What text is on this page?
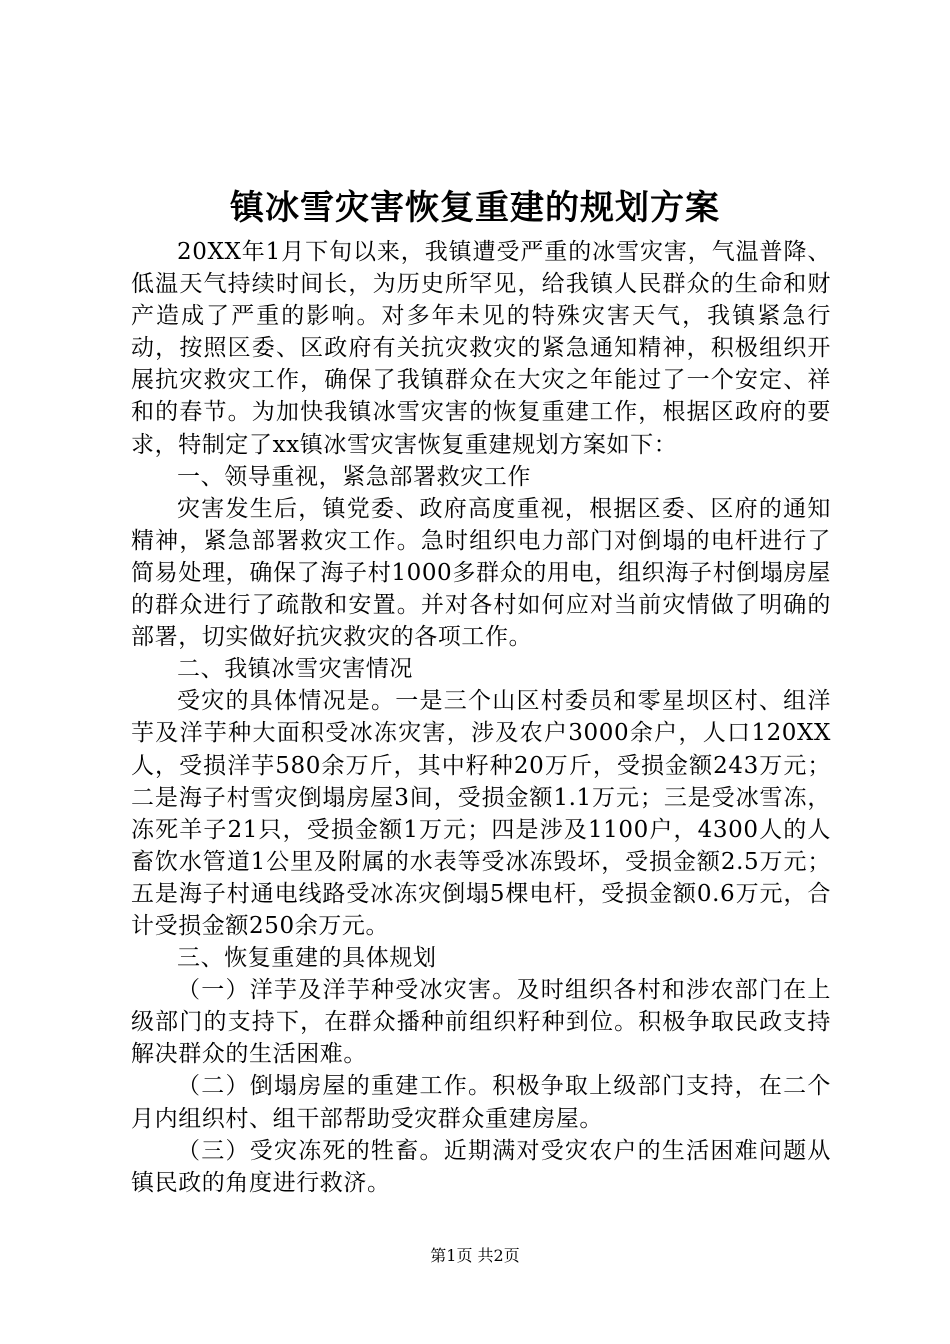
镇冰雪灾害恢复重建的规划方案

20XX年1月下旬以来，我镇遭受严重的冰雪灾害，气温普降、低温天气持续时间长，为历史所罕见，给我镇人民群众的生命和财产造成了严重的影响。对多年未见的特殊灾害天气，我镇紧急行动，按照区委、区政府有关抗灾救灾的紧急通知精神，积极组织开展抗灾救灾工作，确保了我镇群众在大灾之年能过了一个安定、祥和的春节。为加快我镇冰雪灾害的恢复重建工作，根据区政府的要求，特制定了xx镇冰雪灾害恢复重建规划方案如下：

一、领导重视，紧急部署救灾工作

灾害发生后，镇党委、政府高度重视，根据区委、区府的通知精神，紧急部署救灾工作。急时组织电力部门对倒塌的电杆进行了简易处理，确保了海子村1000多群众的用电，组织海子村倒塌房屋的群众进行了疏散和安置。并对各村如何应对当前灾情做了明确的部署，切实做好抗灾救灾的各项工作。

二、我镇冰雪灾害情况

受灾的具体情况是。一是三个山区村委员和零星坝区村、组洋芋及洋芋种大面积受冰冻灾害，涉及农户3000余户，人口120XX人，受损洋芋580余万斤，其中籽种20万斤，受损金额243万元；二是海子村雪灾倒塌房屋3间，受损金额1.1万元；三是受冰雪冻，冻死羊子21只，受损金额1万元；四是涉及1100户，4300人的人畜饮水管道1公里及附属的水表等受冰冻毁坏，受损金额2.5万元；五是海子村通电线路受冰冻灾倒塌5棵电杆，受损金额0.6万元，合计受损金额250余万元。

三、恢复重建的具体规划

（一）洋芋及洋芋种受冰灾害。及时组织各村和涉农部门在上级部门的支持下，在群众播种前组织籽种到位。积极争取民政支持解决群众的生活困难。

（二）倒塌房屋的重建工作。积极争取上级部门支持，在二个月内组织村、组干部帮助受灾群众重建房屋。

（三）受灾冻死的牲畜。近期满对受灾农户的生活困难问题从镇民政的角度进行救济。

第1页 共2页
